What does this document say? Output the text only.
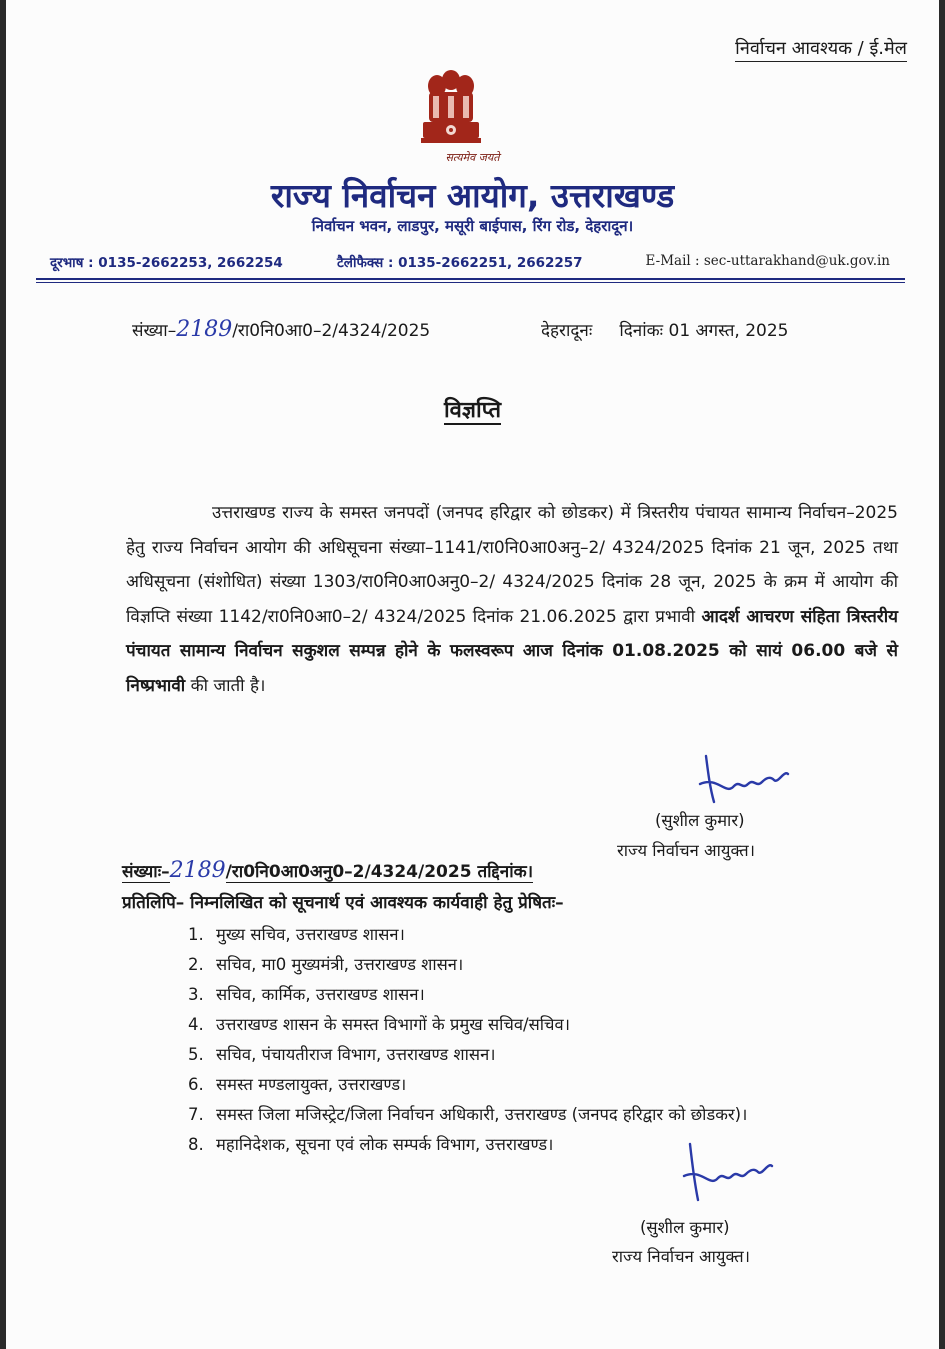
निर्वाचन आवश्यक / ई.मेल
सत्यमेव जयते
राज्य निर्वाचन आयोग, उत्तराखण्ड
निर्वाचन भवन, लाडपुर, मसूरी बाईपास, रिंग रोड, देहरादून।
दूरभाष : 0135-2662253, 2662254	टैलीफैक्स : 0135-2662251, 2662257	E-Mail : sec-uttarakhand@uk.gov.in
संख्या–2189/रा0नि0आ0–2/4324/2025	देहरादूनः दिनांकः 01 अगस्त, 2025
विज्ञप्ति

उत्तराखण्ड राज्य के समस्त जनपदों (जनपद हरिद्वार को छोडकर) में त्रिस्तरीय पंचायत सामान्य निर्वाचन–2025 हेतु राज्य निर्वाचन आयोग की अधिसूचना संख्या–1141/रा0नि0आ0अनु–2/ 4324/2025 दिनांक 21 जून, 2025 तथा अधिसूचना (संशोधित) संख्या 1303/रा0नि0आ0अनु0–2/ 4324/2025 दिनांक 28 जून, 2025 के क्रम में आयोग की विज्ञप्ति संख्या 1142/रा0नि0आ0–2/ 4324/2025 दिनांक 21.06.2025 द्वारा प्रभावी आदर्श आचरण संहिता त्रिस्तरीय पंचायत सामान्य निर्वाचन सकुशल सम्पन्न होने के फलस्वरूप आज दिनांक 01.08.2025 को सायं 06.00 बजे से निष्प्रभावी की जाती है।

(सुशील कुमार)
राज्य निर्वाचन आयुक्त।
संख्याः–2189/रा0नि0आ0अनु0–2/4324/2025 तद्दिनांक।
प्रतिलिपि– निम्नलिखित को सूचनार्थ एवं आवश्यक कार्यवाही हेतु प्रेषितः–
1. मुख्य सचिव, उत्तराखण्ड शासन।
2. सचिव, मा0 मुख्यमंत्री, उत्तराखण्ड शासन।
3. सचिव, कार्मिक, उत्तराखण्ड शासन।
4. उत्तराखण्ड शासन के समस्त विभागों के प्रमुख सचिव/सचिव।
5. सचिव, पंचायतीराज विभाग, उत्तराखण्ड शासन।
6. समस्त मण्डलायुक्त, उत्तराखण्ड।
7. समस्त जिला मजिस्ट्रेट/जिला निर्वाचन अधिकारी, उत्तराखण्ड (जनपद हरिद्वार को छोडकर)।
8. महानिदेशक, सूचना एवं लोक सम्पर्क विभाग, उत्तराखण्ड।
(सुशील कुमार)
राज्य निर्वाचन आयुक्त।
